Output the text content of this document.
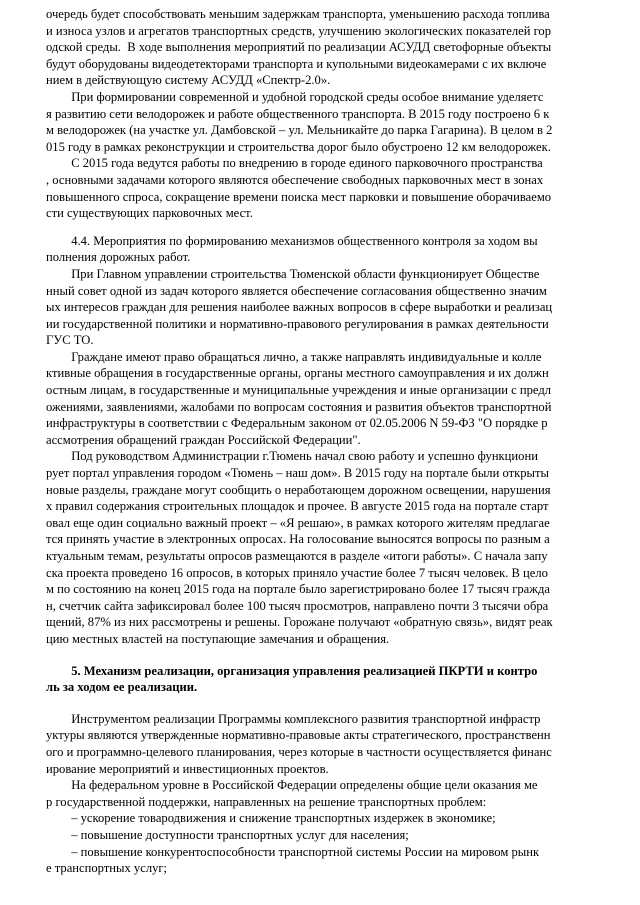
очередь будет способствовать меньшим задержкам транспорта, уменьшению расхода топлива
и износа узлов и агрегатов транспортных средств, улучшению экологических показателей гор
одской среды.  В ходе выполнения мероприятий по реализации АСУДД светофорные объекты
будут оборудованы видеодетекторами транспорта и купольными видеокамерами с их включе
нием в действующую систему АСУДД «Спектр-2.0».

При формировании современной и удобной городской среды особое внимание уделяетс
я развитию сети велодорожек и работе общественного транспорта. В 2015 году построено 6 к
м велодорожек (на участке ул. Дамбовской – ул. Мельникайте до парка Гагарина). В целом в 2
015 году в рамках реконструкции и строительства дорог было обустроено 12 км велодорожек.

С 2015 года ведутся работы по внедрению в городе единого парковочного пространства
, основными задачами которого являются обеспечение свободных парковочных мест в зонах
повышенного спроса, сокращение времени поиска мест парковки и повышение оборачиваемо
сти существующих парковочных мест.

4.4. Мероприятия по формированию механизмов общественного контроля за ходом вы
полнения дорожных работ.

При Главном управлении строительства Тюменской области функционирует Обществе
нный совет одной из задач которого является обеспечение согласования общественно значим
ых интересов граждан для решения наиболее важных вопросов в сфере выработки и реализац
ии государственной политики и нормативно-правового регулирования в рамках деятельности
ГУС ТО.

Граждане имеют право обращаться лично, а также направлять индивидуальные и колле
ктивные обращения в государственные органы, органы местного самоуправления и их должн
остным лицам, в государственные и муниципальные учреждения и иные организации с предл
ожениями, заявлениями, жалобами по вопросам состояния и развития объектов транспортной
инфраструктуры в соответствии с Федеральным законом от 02.05.2006 N 59-ФЗ "О порядке р
ассмотрения обращений граждан Российской Федерации".

Под руководством Администрации г.Тюмень начал свою работу и успешно функциони
рует портал управления городом «Тюмень – наш дом». В 2015 году на портале были открыты
новые разделы, граждане могут сообщить о неработающем дорожном освещении, нарушения
х правил содержания строительных площадок и прочее. В августе 2015 года на портале старт
овал еще один социально важный проект – «Я решаю», в рамках которого жителям предлагае
тся принять участие в электронных опросах. На голосование выносятся вопросы по разным а
ктуальным темам, результаты опросов размещаются в разделе «итоги работы». С начала запу
ска проекта проведено 16 опросов, в которых приняло участие более 7 тысяч человек. В цело
м по состоянию на конец 2015 года на портале было зарегистрировано более 17 тысяч гражда
н, счетчик сайта зафиксировал более 100 тысяч просмотров, направлено почти 3 тысячи обра
щений, 87% из них рассмотрены и решены. Горожане получают «обратную связь», видят реак
цию местных властей на поступающие замечания и обращения.

5. Механизм реализации, организация управления реализацией ПКРТИ и контро
ль за ходом ее реализации.

Инструментом реализации Программы комплексного развития транспортной инфрастр
уктуры являются утвержденные нормативно-правовые акты стратегического, пространственн
ого и программно-целевого планирования, через которые в частности осуществляется финанс
ирование мероприятий и инвестиционных проектов.

На федеральном уровне в Российской Федерации определены общие цели оказания ме
р государственной поддержки, направленных на решение транспортных проблем:
– ускорение товародвижения и снижение транспортных издержек в экономике;
– повышение доступности транспортных услуг для населения;
– повышение конкурентоспособности транспортной системы России на мировом рынк
е транспортных услуг;
